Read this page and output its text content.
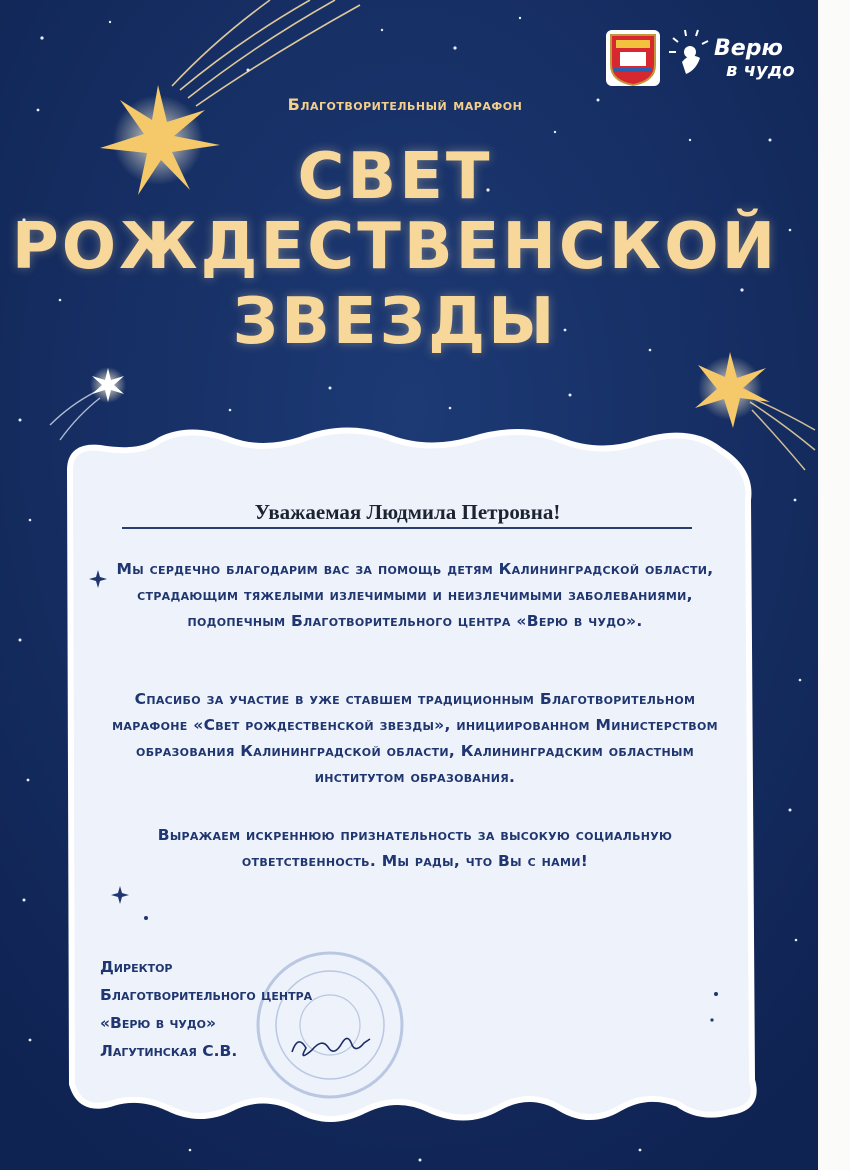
Верю
в чудо
Благотворительный марафон
СВЕТ
РОЖДЕСТВЕНСКОЙ
ЗВЕЗДЫ
Уважаемая Людмила Петровна!
Мы сердечно благодарим вас за помощь детям Калининградской области, страдающим тяжелыми излечимыми и неизлечимыми заболеваниями, подопечным Благотворительного центра «Верю в чудо».
Спасибо за участие в уже ставшем традиционным Благотворительном марафоне «Свет рождественской звезды», инициированном Министерством образования Калининградской области, Калининградским областным институтом образования.
Выражаем искреннюю признательность за высокую социальную ответственность. Мы рады, что Вы с нами!
Директор
Благотворительного центра
«Верю в чудо»
Лагутинская С.В.
